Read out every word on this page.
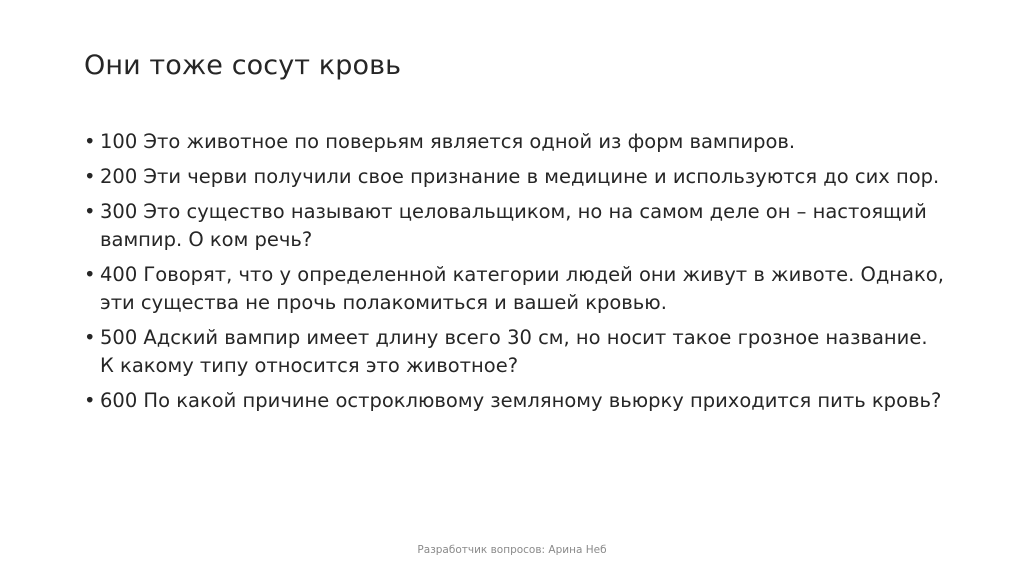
Они тоже сосут кровь
• 100 Это животное по поверьям является одной из форм вампиров.
• 200 Эти черви получили свое признание в медицине и используются до сих пор.
• 300 Это существо называют целовальщиком, но на самом деле он – настоящий вампир. О ком речь?
• 400 Говорят, что у определенной категории людей они живут в животе. Однако, эти существа не прочь полакомиться и вашей кровью.
• 500 Адский вампир имеет длину всего 30 см, но носит такое грозное название. К какому типу относится это животное?
• 600 По какой причине остроклювому земляному вьюрку приходится пить кровь?
Разработчик вопросов: Арина Неб
